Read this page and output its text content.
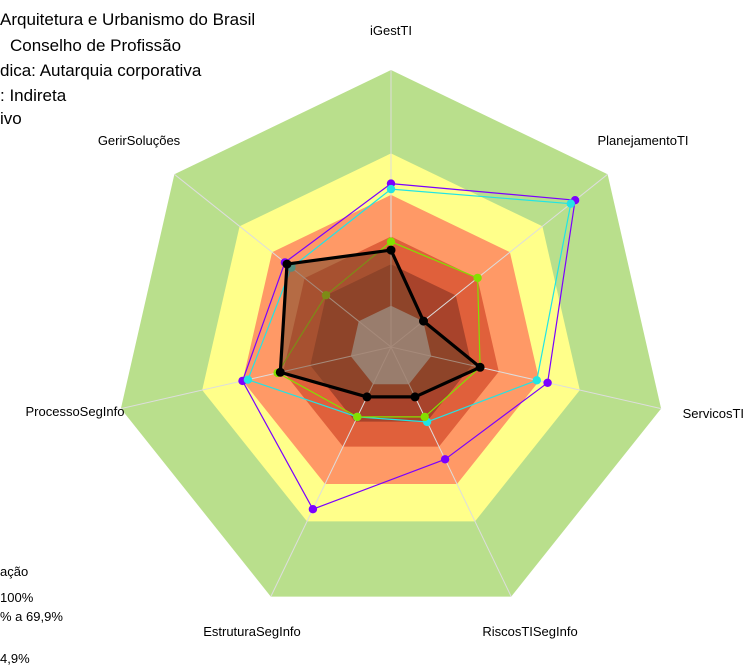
Arquitetura e Urbanismo do Brasil
Conselho de Profissão
dica: Autarquia corporativa
: Indireta
ivo
iGestTI
PlanejamentoTI
ServicosTI
RiscosTISegInfo
EstruturaSegInfo
ProcessoSegInfo
GerirSoluções
ação
100%
% a 69,9%
4,9%
